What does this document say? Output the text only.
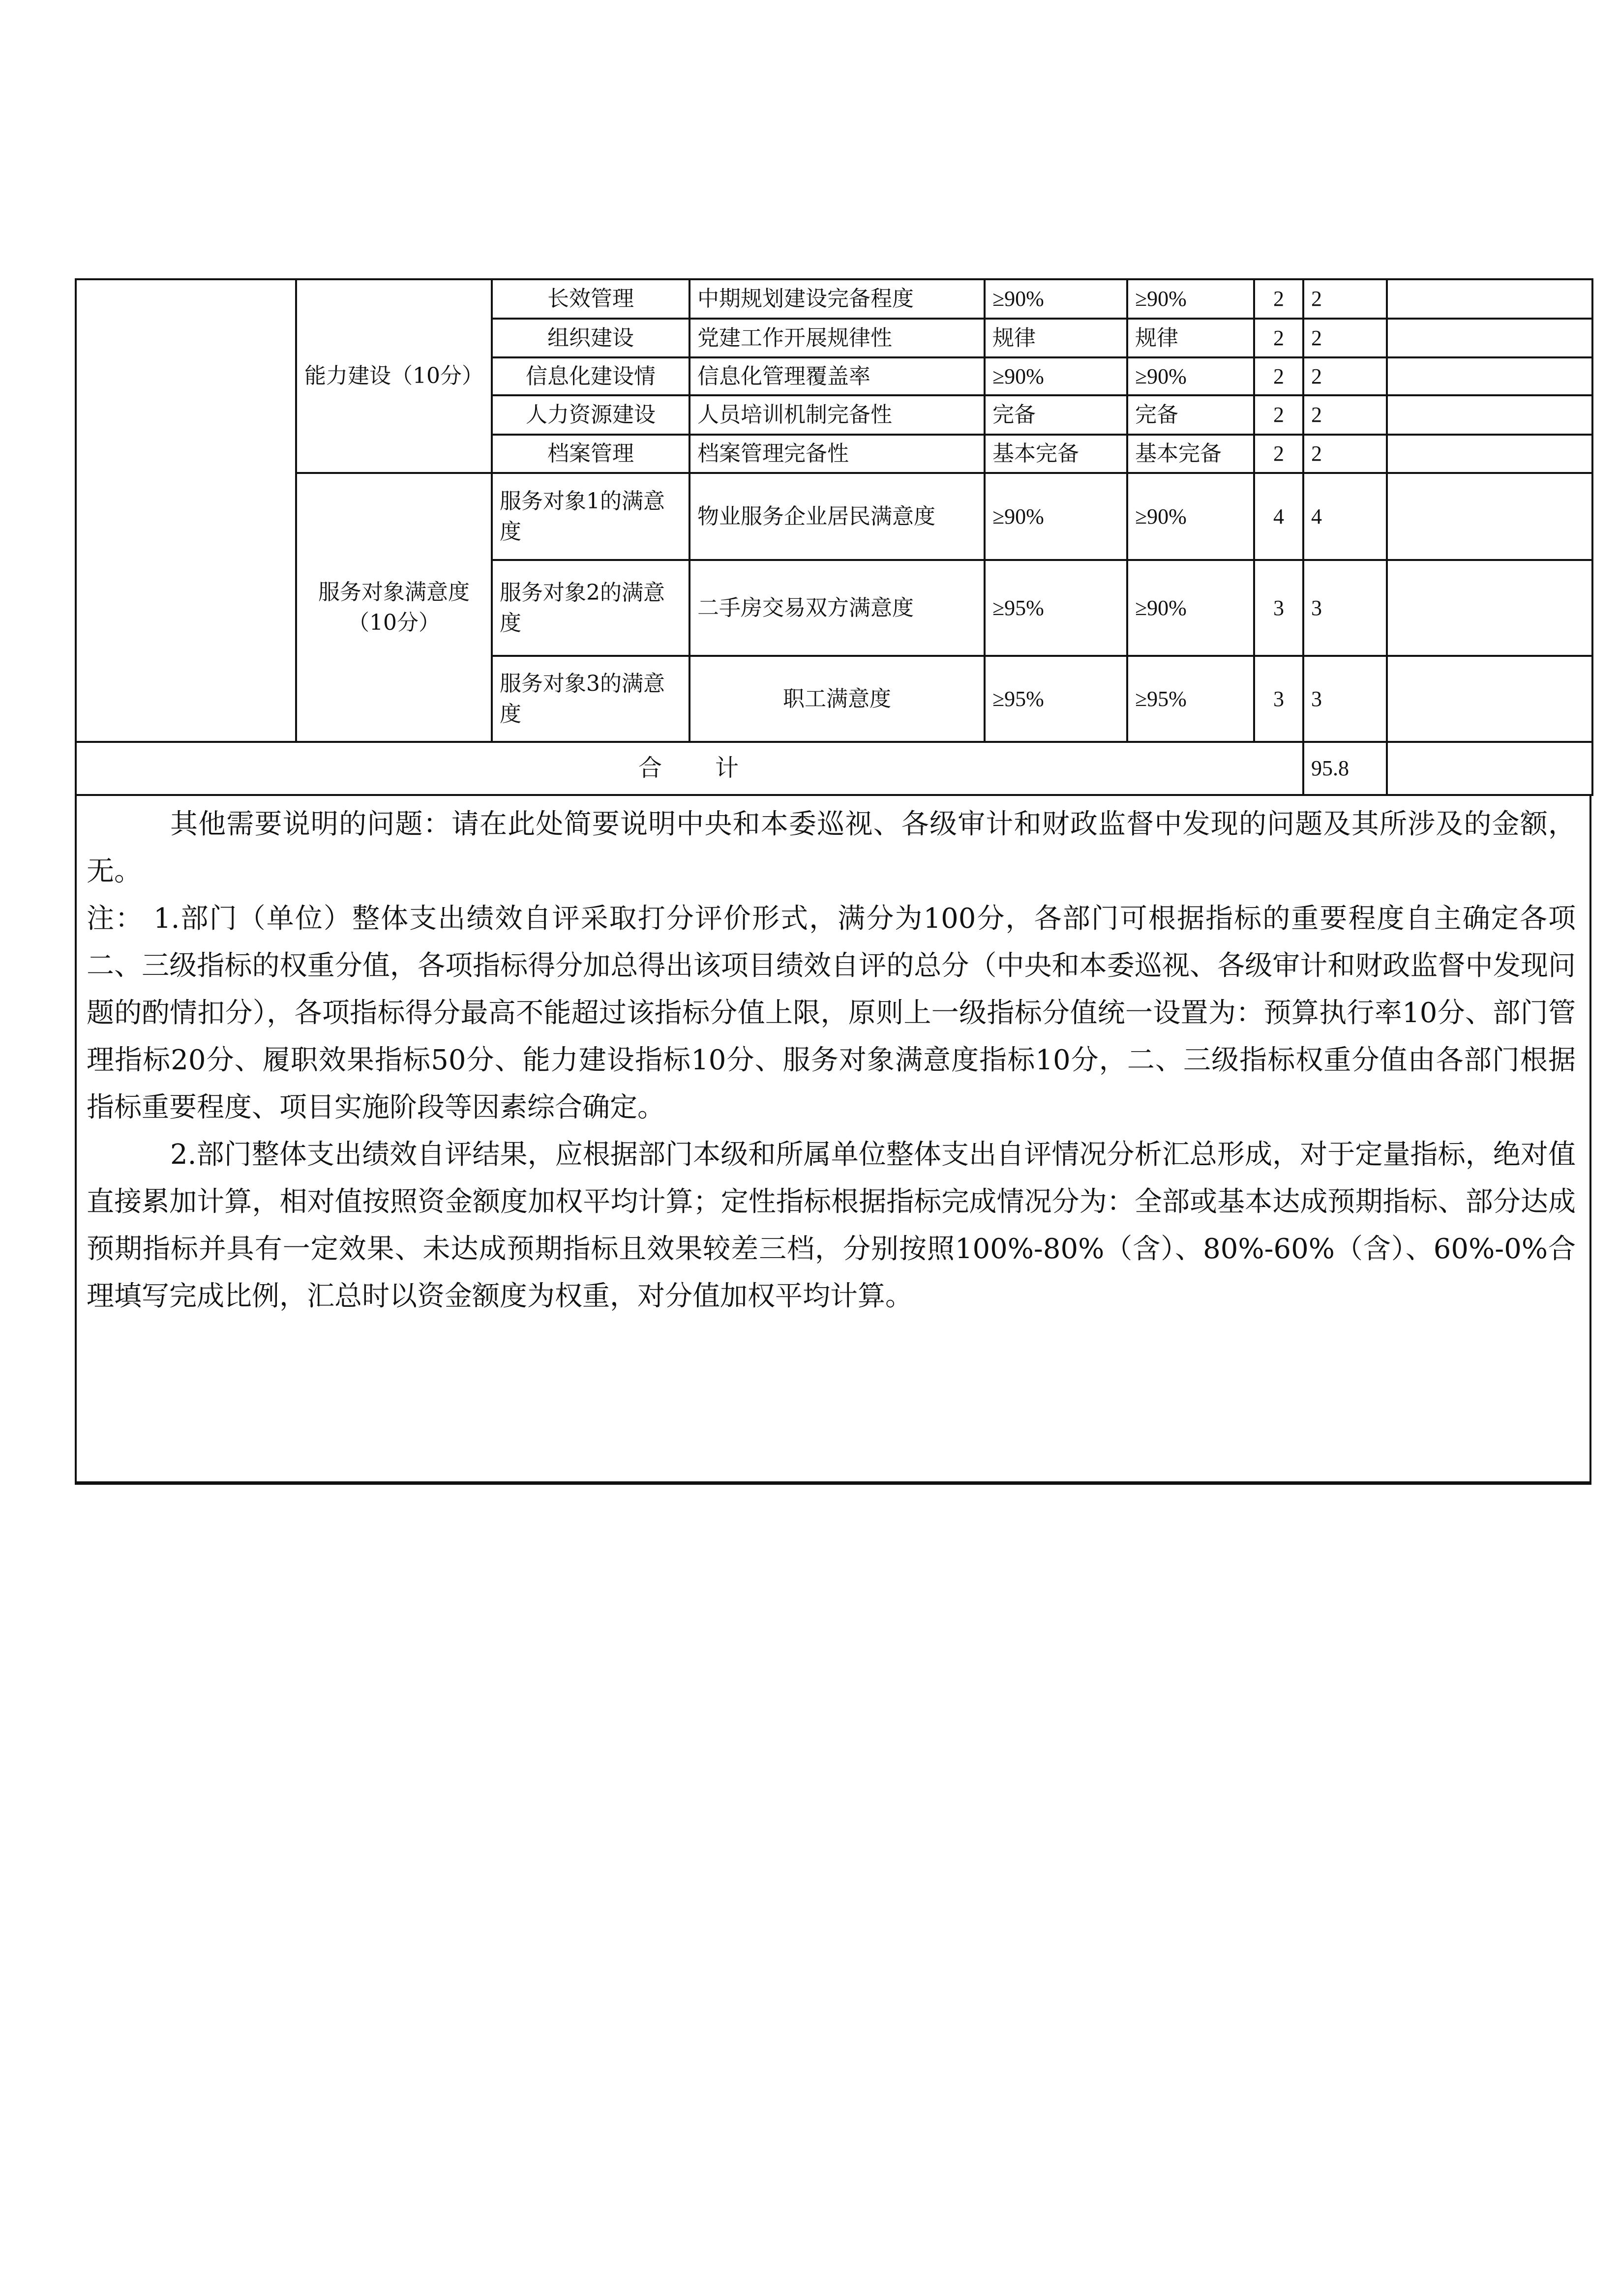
	能力建设（10分）	长效管理	中期规划建设完备程度	≥90%	≥90%	2	2	
		组织建设	党建工作开展规律性	规律	规律	2	2	
		信息化建设情	信息化管理覆盖率	≥90%	≥90%	2	2	
		人力资源建设	人员培训机制完备性	完备	完备	2	2	
		档案管理	档案管理完备性	基本完备	基本完备	2	2	
	服务对象满意度（10分）	服务对象1的满意度	物业服务企业居民满意度	≥90%	≥90%	4	4	
		服务对象2的满意度	二手房交易双方满意度	≥95%	≥90%	3	3	
		服务对象3的满意度	职工满意度	≥95%	≥95%	3	3	
合　　计							95.8	

其他需要说明的问题：请在此处简要说明中央和本委巡视、各级审计和财政监督中发现的问题及其所涉及的金额，无。

注： 1.部门（单位）整体支出绩效自评采取打分评价形式，满分为100分，各部门可根据指标的重要程度自主确定各项二、三级指标的权重分值，各项指标得分加总得出该项目绩效自评的总分（中央和本委巡视、各级审计和财政监督中发现问题的酌情扣分），各项指标得分最高不能超过该指标分值上限，原则上一级指标分值统一设置为：预算执行率10分、部门管理指标20分、履职效果指标50分、能力建设指标10分、服务对象满意度指标10分，二、三级指标权重分值由各部门根据指标重要程度、项目实施阶段等因素综合确定。

2.部门整体支出绩效自评结果，应根据部门本级和所属单位整体支出自评情况分析汇总形成，对于定量指标，绝对值直接累加计算，相对值按照资金额度加权平均计算；定性指标根据指标完成情况分为：全部或基本达成预期指标、部分达成预期指标并具有一定效果、未达成预期指标且效果较差三档，分别按照100%-80%（含）、80%-60%（含）、60%-0%合理填写完成比例，汇总时以资金额度为权重，对分值加权平均计算。
